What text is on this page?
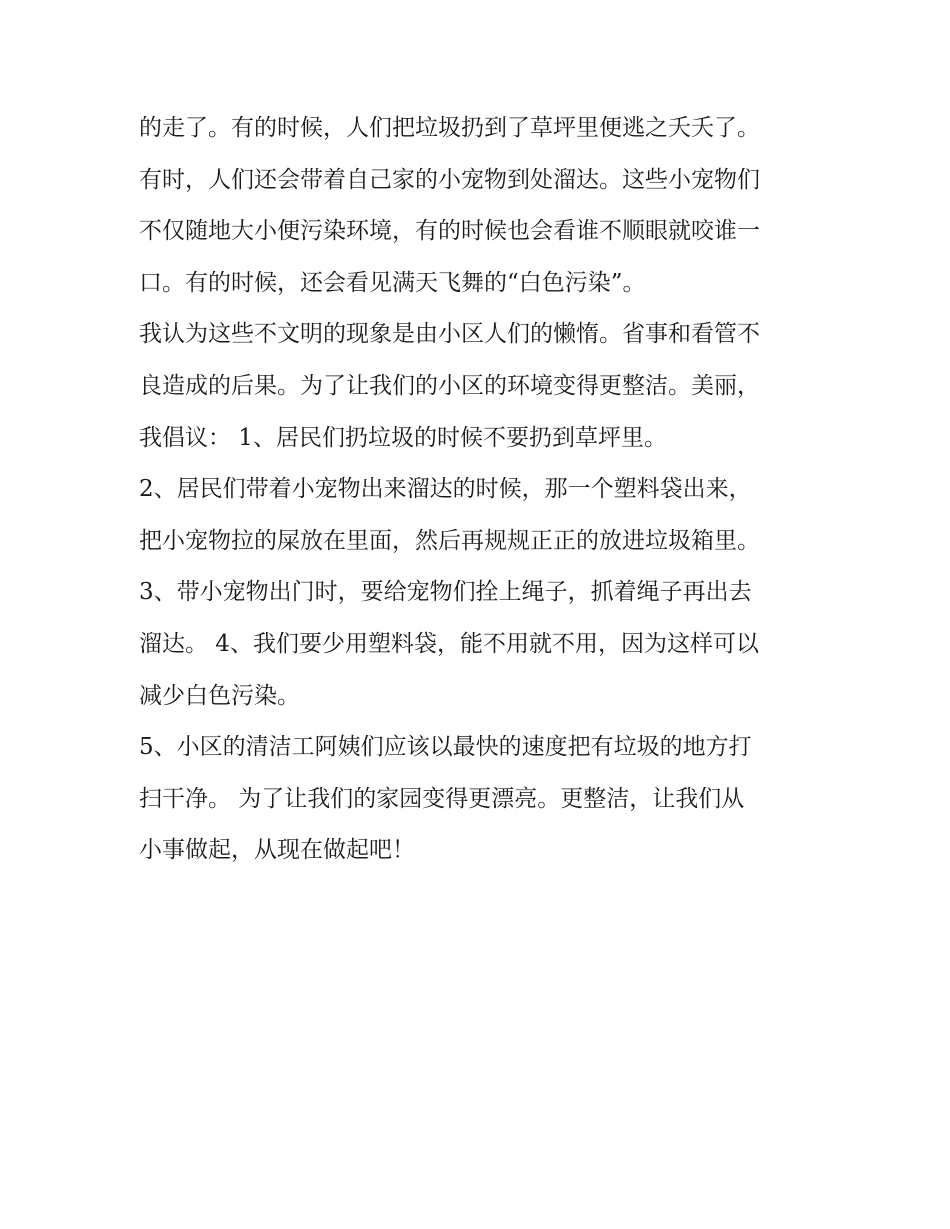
的走了。有的时候，人们把垃圾扔到了草坪里便逃之夭夭了。
有时，人们还会带着自己家的小宠物到处溜达。这些小宠物们
不仅随地大小便污染环境，有的时候也会看谁不顺眼就咬谁一
口。有的时候，还会看见满天飞舞的“白色污染”。
我认为这些不文明的现象是由小区人们的懒惰。省事和看管不
良造成的后果。为了让我们的小区的环境变得更整洁。美丽，
我倡议： 1、居民们扔垃圾的时候不要扔到草坪里。
2、居民们带着小宠物出来溜达的时候，那一个塑料袋出来，
把小宠物拉的屎放在里面，然后再规规正正的放进垃圾箱里。
3、带小宠物出门时，要给宠物们拴上绳子，抓着绳子再出去
溜达。 4、我们要少用塑料袋，能不用就不用，因为这样可以
减少白色污染。
5、小区的清洁工阿姨们应该以最快的速度把有垃圾的地方打
扫干净。 为了让我们的家园变得更漂亮。更整洁，让我们从
小事做起，从现在做起吧！
